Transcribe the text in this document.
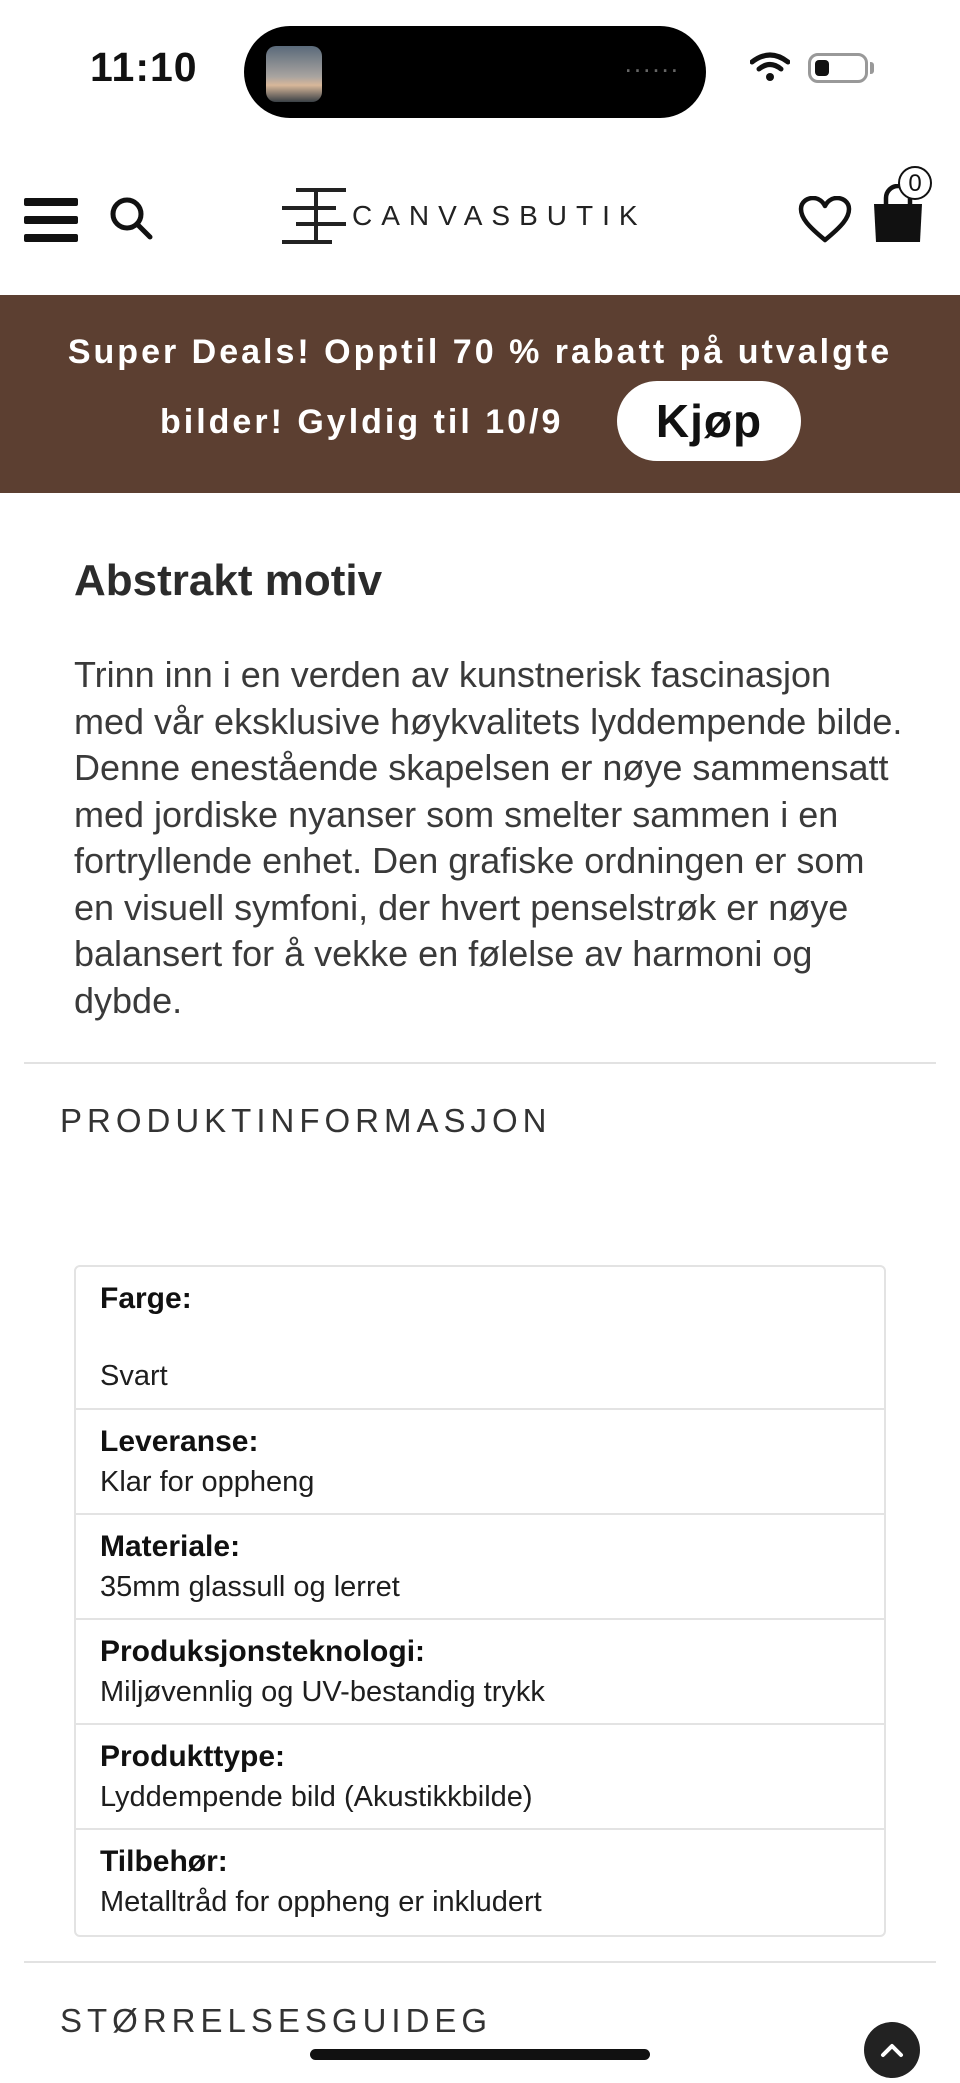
11:10	......
CANVASBUTIK
0
Super Deals! Opptil 70 % rabatt på utvalgte
bilder! Gyldig til 10/9	Kjøp
Abstrakt motiv

Trinn inn i en verden av kunstnerisk fascinasjon med vår eksklusive høykvalitets lyddempende bilde. Denne enestående skapelsen er nøye sammensatt med jordiske nyanser som smelter sammen i en fortryllende enhet. Den grafiske ordningen er som en visuell symfoni, der hvert penselstrøk er nøye balansert for å vekke en følelse av harmoni og dybde.

PRODUKTINFORMASJON
Farge:
Svart
Leveranse:
Klar for oppheng
Materiale:
35mm glassull og lerret
Produksjonsteknologi:
Miljøvennlig og UV-bestandig trykk
Produkttype:
Lyddempende bild (Akustikkbilde)
Tilbehør:
Metalltråd for oppheng er inkludert
STØRRELSESGUIDEG
